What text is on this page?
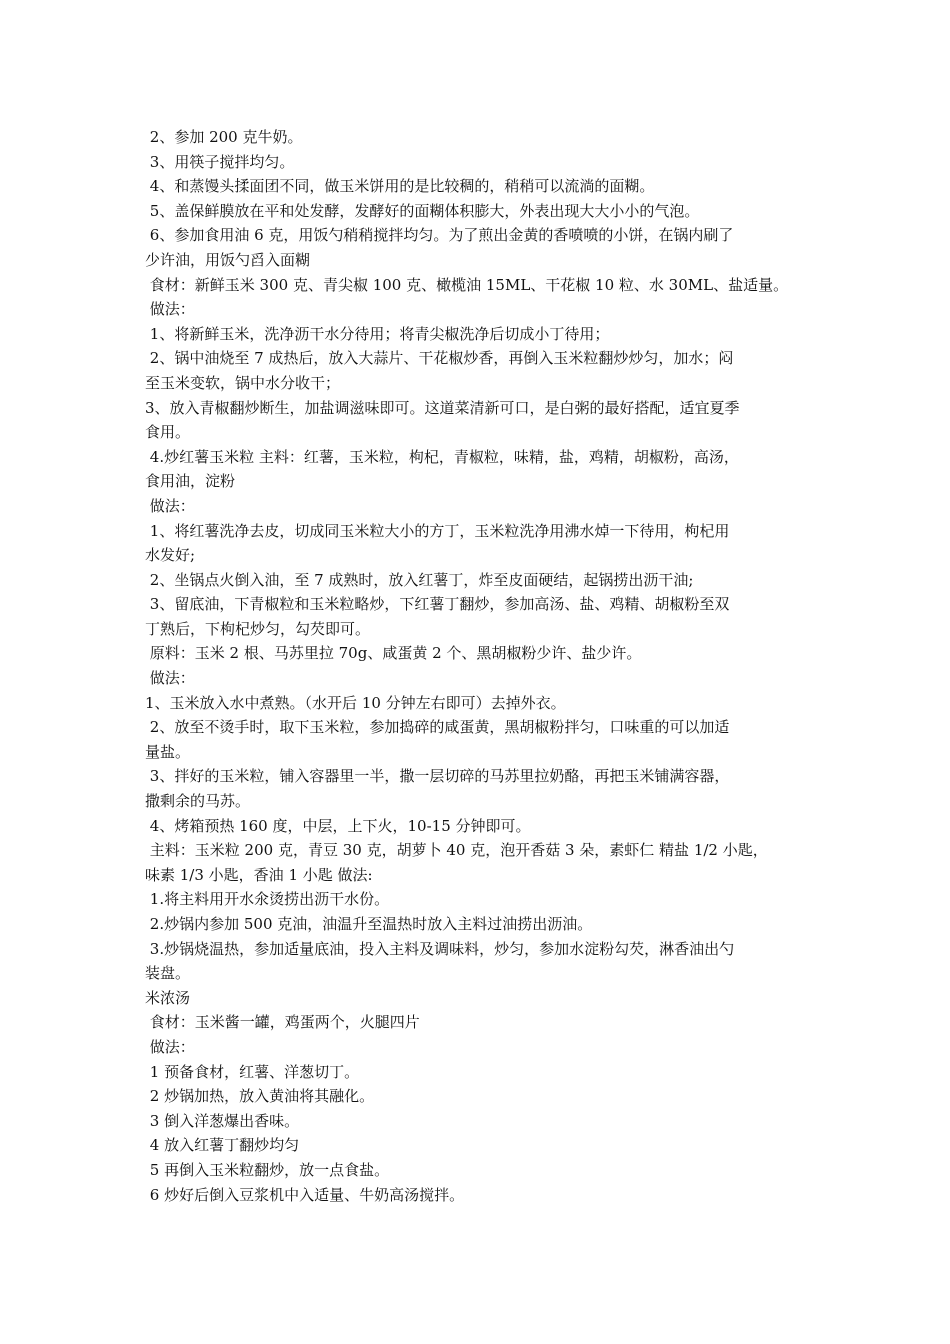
2、参加 200 克牛奶。
3、用筷子搅拌均匀。
4、和蒸馒头揉面团不同，做玉米饼用的是比较稠的，稍稍可以流淌的面糊。
5、盖保鲜膜放在平和处发酵，发酵好的面糊体积膨大，外表出现大大小小的气泡。
6、参加食用油 6 克，用饭勺稍稍搅拌均匀。为了煎出金黄的香喷喷的小饼，在锅内刷了
少许油，用饭勺舀入面糊
食材：新鲜玉米 300 克、青尖椒 100 克、橄榄油 15ML、干花椒 10 粒、水 30ML、盐适量。
做法：
1、将新鲜玉米，洗净沥干水分待用；将青尖椒洗净后切成小丁待用；
2、锅中油烧至 7 成热后，放入大蒜片、干花椒炒香，再倒入玉米粒翻炒炒匀，加水；闷
至玉米变软，锅中水分收干；
3、放入青椒翻炒断生，加盐调滋味即可。这道菜清新可口，是白粥的最好搭配，适宜夏季
食用。
4.炒红薯玉米粒 主料：红薯，玉米粒，枸杞，青椒粒，味精，盐，鸡精，胡椒粉，高汤，
食用油，淀粉
做法：
1、将红薯洗净去皮，切成同玉米粒大小的方丁，玉米粒洗净用沸水焯一下待用，枸杞用
水发好;
2、坐锅点火倒入油，至 7 成熟时，放入红薯丁，炸至皮面硬结，起锅捞出沥干油;
3、留底油，下青椒粒和玉米粒略炒，下红薯丁翻炒，参加高汤、盐、鸡精、胡椒粉至双
丁熟后，下枸杞炒匀，勾芡即可。
原料：玉米 2 根、马苏里拉 70g、咸蛋黄 2 个、黑胡椒粉少许、盐少许。
做法：
1、玉米放入水中煮熟。（水开后 10 分钟左右即可）去掉外衣。
2、放至不烫手时，取下玉米粒，参加捣碎的咸蛋黄，黑胡椒粉拌匀，口味重的可以加适
量盐。
3、拌好的玉米粒，铺入容器里一半，撒一层切碎的马苏里拉奶酪，再把玉米铺满容器，
撒剩余的马苏。
4、烤箱预热 160 度，中层，上下火，10-15 分钟即可。
主料：玉米粒 200 克，青豆 30 克，胡萝卜 40 克，泡开香菇 3 朵，素虾仁 精盐 1/2 小匙，
味素 1/3 小匙，香油 1 小匙 做法:
1.将主料用开水氽烫捞出沥干水份。
2.炒锅内参加 500 克油，油温升至温热时放入主料过油捞出沥油。
3.炒锅烧温热，参加适量底油，投入主料及调味料，炒匀，参加水淀粉勾芡，淋香油出勺
装盘。
米浓汤
食材：玉米酱一罐，鸡蛋两个，火腿四片
做法：
1 预备食材，红薯、洋葱切丁。
2 炒锅加热，放入黄油将其融化。
3 倒入洋葱爆出香味。
4 放入红薯丁翻炒均匀
5 再倒入玉米粒翻炒，放一点食盐。
6 炒好后倒入豆浆机中入适量、牛奶高汤搅拌。
